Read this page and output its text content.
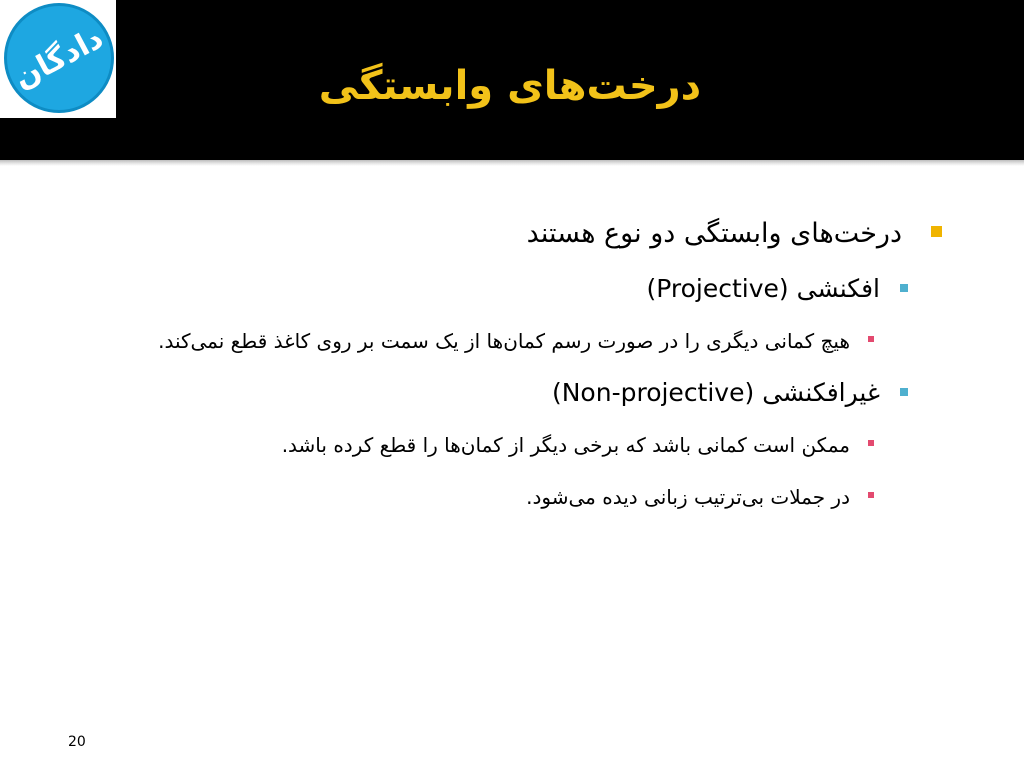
دادگان	درخت‌های وابستگی
درخت‌های وابستگی دو نوع هستند
افکنشی (Projective)
هیچ کمانی دیگری را در صورت رسم کمان‌ها از یک سمت بر روی کاغذ قطع نمی‌کند.
غیرافکنشی (Non-projective)
ممکن است کمانی باشد که برخی دیگر از کمان‌ها را قطع کرده باشد.
در جملات بی‌ترتیب زبانی دیده می‌شود.
20
